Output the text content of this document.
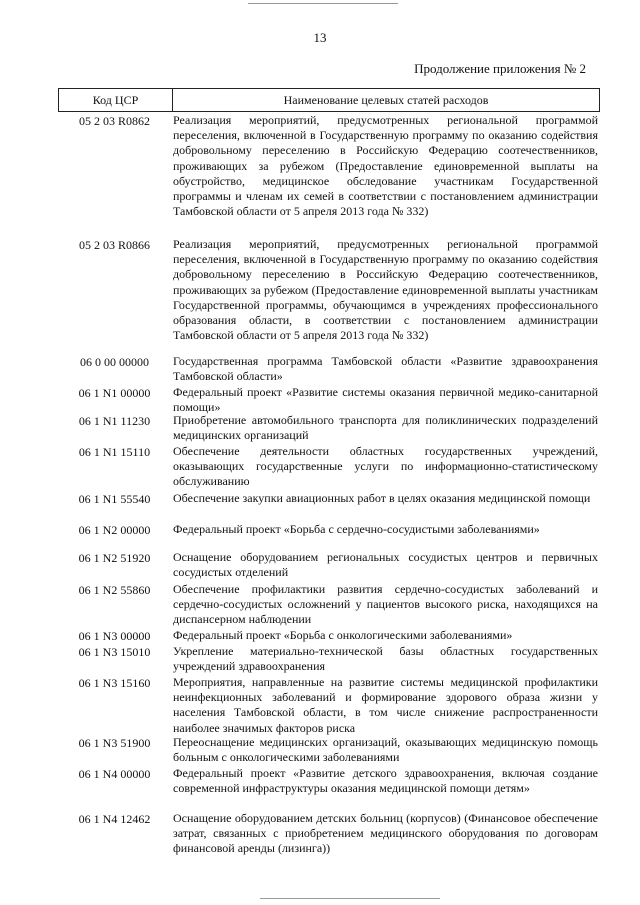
13
Продолжение приложения № 2
Код ЦСР	Наименование целевых статей расходов
05 2 03 R0862	Реализация мероприятий, предусмотренных региональной программой переселения, включенной в Государственную программу по оказанию содействия добровольному переселению в Российскую Федерацию соотечественников, проживающих за рубежом (Предоставление единовременной выплаты на обустройство, медицинское обследование участникам Государственной программы и членам их семей в соответствии с постановлением администрации Тамбовской области от 5 апреля 2013 года № 332)
05 2 03 R0866	Реализация мероприятий, предусмотренных региональной программой переселения, включенной в Государственную программу по оказанию содействия добровольному переселению в Российскую Федерацию соотечественников, проживающих за рубежом (Предоставление единовременной выплаты участникам Государственной программы, обучающимся в учреждениях профессионального образования области, в соответствии с постановлением администрации Тамбовской области от 5 апреля 2013 года № 332)
06 0 00 00000	Государственная программа Тамбовской области «Развитие здравоохранения Тамбовской области»
06 1 N1 00000	Федеральный проект «Развитие системы оказания первичной медико-санитарной помощи»
06 1 N1 11230	Приобретение автомобильного транспорта для поликлинических подразделений медицинских организаций
06 1 N1 15110	Обеспечение деятельности областных государственных учреждений, оказывающих государственные услуги по информационно-статистическому обслуживанию
06 1 N1 55540	Обеспечение закупки авиационных работ в целях оказания медицинской помощи
06 1 N2 00000	Федеральный проект «Борьба с сердечно-сосудистыми заболеваниями»
06 1 N2 51920	Оснащение оборудованием региональных сосудистых центров и первичных сосудистых отделений
06 1 N2 55860	Обеспечение профилактики развития сердечно-сосудистых заболеваний и сердечно-сосудистых осложнений у пациентов высокого риска, находящихся на диспансерном наблюдении
06 1 N3 00000	Федеральный проект «Борьба с онкологическими заболеваниями»
06 1 N3 15010	Укрепление материально-технической базы областных государственных учреждений здравоохранения
06 1 N3 15160	Мероприятия, направленные на развитие системы медицинской профилактики неинфекционных заболеваний и формирование здорового образа жизни у населения Тамбовской области, в том числе снижение распространенности наиболее значимых факторов риска
06 1 N3 51900	Переоснащение медицинских организаций, оказывающих медицинскую помощь больным с онкологическими заболеваниями
06 1 N4 00000	Федеральный проект «Развитие детского здравоохранения, включая создание современной инфраструктуры оказания медицинской помощи детям»
06 1 N4 12462	Оснащение оборудованием детских больниц (корпусов) (Финансовое обеспечение затрат, связанных с приобретением медицинского оборудования по договорам финансовой аренды (лизинга))
